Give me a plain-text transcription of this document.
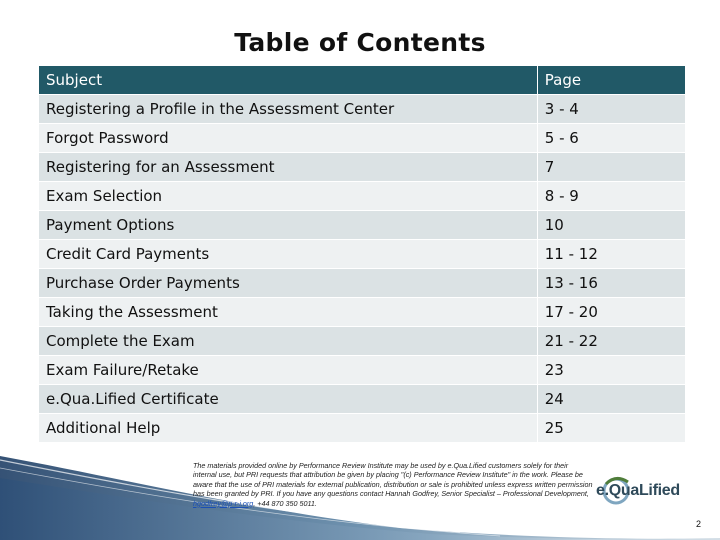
Table of Contents
Subject	Page
Registering a Profile in the Assessment Center	3 - 4
Forgot Password	5 - 6
Registering for an Assessment	7
Exam Selection	8 - 9
Payment Options	10
Credit Card Payments	11 - 12
Purchase Order Payments	13 - 16
Taking the Assessment	17 - 20
Complete the Exam	21 - 22
Exam Failure/Retake	23
e.Qua.Lified Certificate	24
Additional Help	25
The materials provided online by Performance Review Institute may be used by e.Qua.Lified customers solely for their internal use, but PRI requests that attribution be given by placing "(c) Performance Review Institute" in the work. Please be aware that the use of PRI materials for external publication, distribution or sale is prohibited unless express written permission has been granted by PRI. If you have any questions contact Hannah Godfrey, Senior Specialist – Professional Development, hgodfrey@p-r-i.org, +44 870 350 5011.
e.QuaLified
2
